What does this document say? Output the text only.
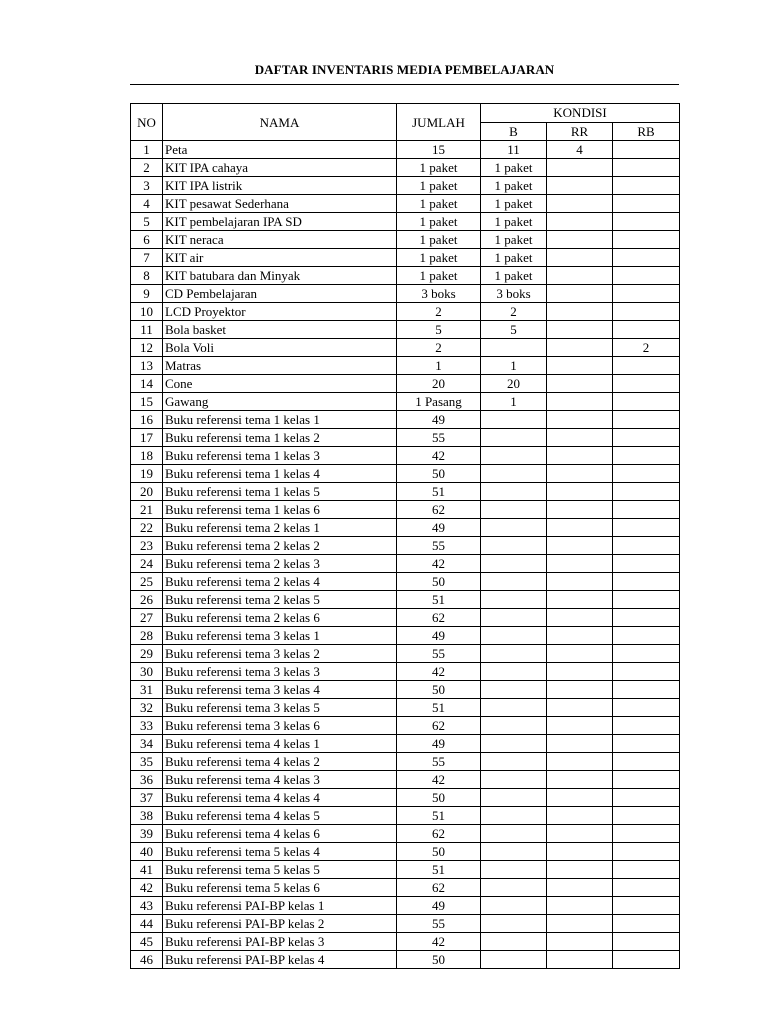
DAFTAR INVENTARIS MEDIA PEMBELAJARAN
NO	NAMA	JUMLAH	KONDISI		
			B	RR	RB
1	Peta	15	11	4	
2	KIT IPA cahaya	1 paket	1 paket		
3	KIT IPA listrik	1 paket	1 paket		
4	KIT pesawat Sederhana	1 paket	1 paket		
5	KIT pembelajaran IPA SD	1 paket	1 paket		
6	KIT neraca	1 paket	1 paket		
7	KIT air	1 paket	1 paket		
8	KIT batubara dan Minyak	1 paket	1 paket		
9	CD Pembelajaran	3 boks	3 boks		
10	LCD Proyektor	2	2		
11	Bola basket	5	5		
12	Bola Voli	2			2
13	Matras	1	1		
14	Cone	20	20		
15	Gawang	1 Pasang	1		
16	Buku referensi tema 1 kelas 1	49			
17	Buku referensi tema 1 kelas 2	55			
18	Buku referensi tema 1 kelas 3	42			
19	Buku referensi tema 1 kelas 4	50			
20	Buku referensi tema 1 kelas 5	51			
21	Buku referensi tema 1 kelas 6	62			
22	Buku referensi tema 2 kelas 1	49			
23	Buku referensi tema 2 kelas 2	55			
24	Buku referensi tema 2 kelas 3	42			
25	Buku referensi tema 2 kelas 4	50			
26	Buku referensi tema 2 kelas 5	51			
27	Buku referensi tema 2 kelas 6	62			
28	Buku referensi tema 3 kelas 1	49			
29	Buku referensi tema 3 kelas 2	55			
30	Buku referensi tema 3 kelas 3	42			
31	Buku referensi tema 3 kelas 4	50			
32	Buku referensi tema 3 kelas 5	51			
33	Buku referensi tema 3 kelas 6	62			
34	Buku referensi tema 4 kelas 1	49			
35	Buku referensi tema 4 kelas 2	55			
36	Buku referensi tema 4 kelas 3	42			
37	Buku referensi tema 4 kelas 4	50			
38	Buku referensi tema 4 kelas 5	51			
39	Buku referensi tema 4 kelas 6	62			
40	Buku referensi tema 5 kelas 4	50			
41	Buku referensi tema 5 kelas 5	51			
42	Buku referensi tema 5 kelas 6	62			
43	Buku referensi PAI-BP kelas 1	49			
44	Buku referensi PAI-BP kelas 2	55			
45	Buku referensi PAI-BP kelas 3	42			
46	Buku referensi PAI-BP kelas 4	50			
